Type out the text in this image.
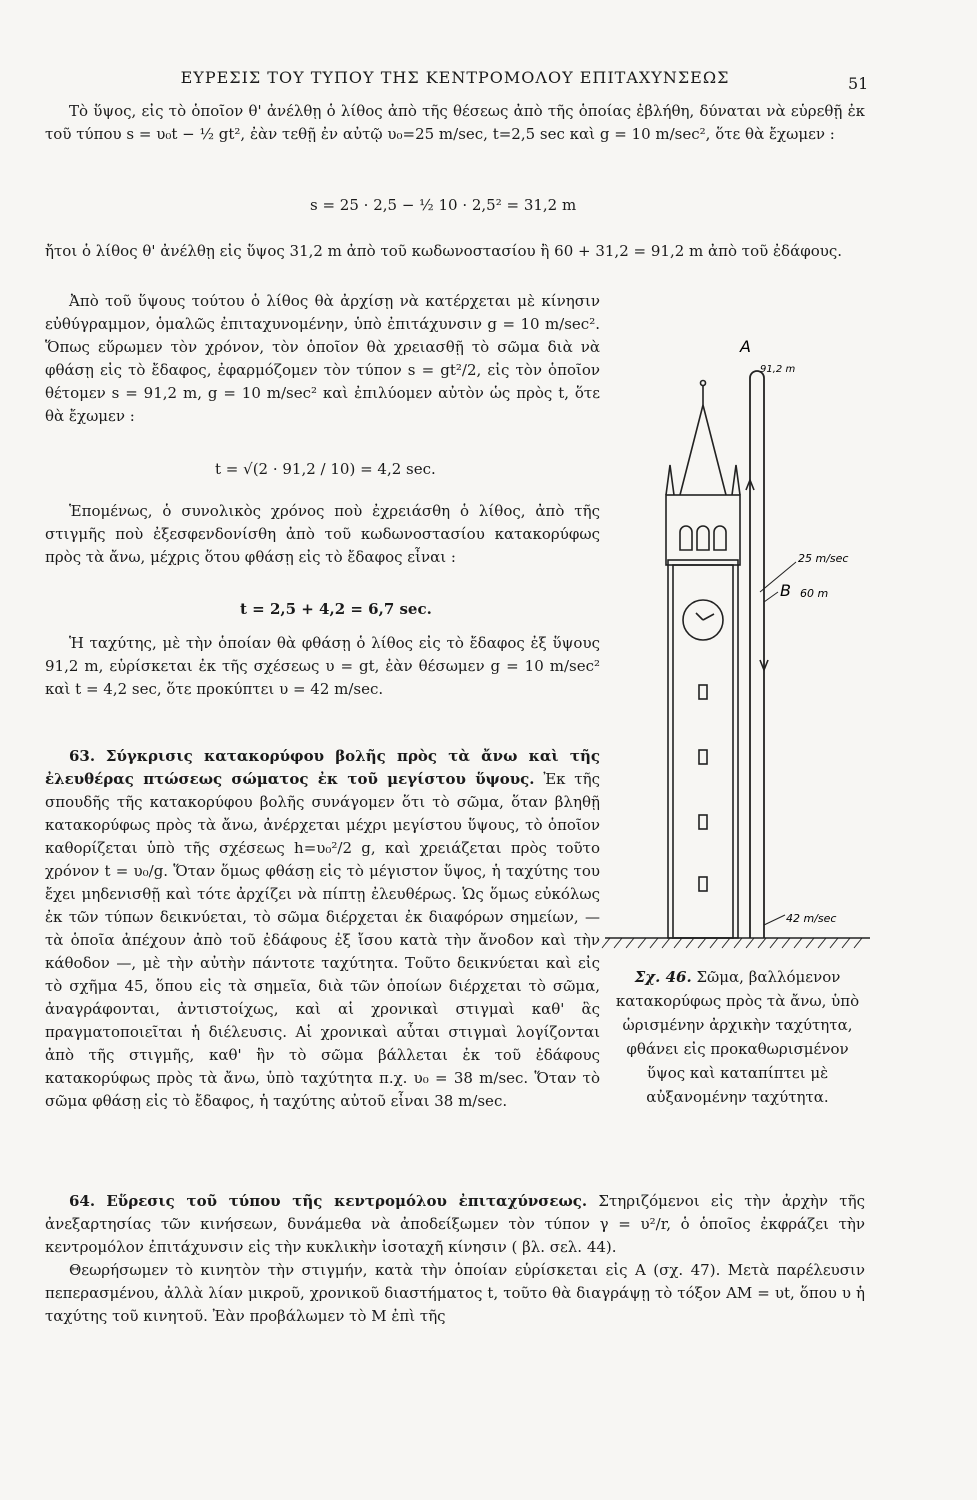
ΕΥΡΕΣΙΣ ΤΟΥ ΤΥΠΟΥ ΤΗΣ ΚΕΝΤΡΟΜΟΛΟΥ ΕΠΙΤΑΧΥΝΣΕΩΣ	51

Τὸ ὕψος, εἰς τὸ ὁποῖον θ' ἀνέλθῃ ὁ λίθος ἀπὸ τῆς θέσεως ἀπὸ τῆς ὁποίας ἐβλήθη, δύναται νὰ εὑρεθῇ ἐκ τοῦ τύπου s = υ₀t − ½ gt², ἐὰν τεθῇ ἐν αὐτῷ υ₀=25 m/sec, t=2,5 sec καὶ g = 10 m/sec², ὅτε θὰ ἔχωμεν :

s = 25 · 2,5 − ½ 10 · 2,5² = 31,2 m

ἤτοι ὁ λίθος θ' ἀνέλθῃ εἰς ὕψος 31,2 m ἀπὸ τοῦ κωδωνοστασίου ἢ 60 + 31,2 = 91,2 m ἀπὸ τοῦ ἐδάφους.

Ἀπὸ τοῦ ὕψους τούτου ὁ λίθος θὰ ἀρχίσῃ νὰ κατέρχεται μὲ κίνησιν εὐθύγραμμον, ὁμαλῶς ἐπιταχυνομένην, ὑπὸ ἐπιτάχυνσιν g = 10 m/sec². Ὅπως εὕρωμεν τὸν χρόνον, τὸν ὁποῖον θὰ χρειασθῇ τὸ σῶμα διὰ νὰ φθάσῃ εἰς τὸ ἔδαφος, ἐφαρμόζομεν τὸν τύπον s = gt²/2, εἰς τὸν ὁποῖον θέτομεν s = 91,2 m, g = 10 m/sec² καὶ ἐπιλύομεν αὐτὸν ὡς πρὸς t, ὅτε θὰ ἔχωμεν :

t = √(2 · 91,2 / 10) = 4,2 sec.

Ἑπομένως, ὁ συνολικὸς χρόνος ποὺ ἐχρειάσθη ὁ λίθος, ἀπὸ τῆς στιγμῆς ποὺ ἐξεσφενδονίσθη ἀπὸ τοῦ κωδωνοστασίου κατακορύφως πρὸς τὰ ἄνω, μέχρις ὅτου φθάσῃ εἰς τὸ ἔδαφος εἶναι :

t = 2,5 + 4,2 = 6,7 sec.

Ἡ ταχύτης, μὲ τὴν ὁποίαν θὰ φθάσῃ ὁ λίθος εἰς τὸ ἔδαφος ἐξ ὕψους 91,2 m, εὑρίσκεται ἐκ τῆς σχέσεως υ = gt, ἐὰν θέσωμεν g = 10 m/sec² καὶ t = 4,2 sec, ὅτε προκύπτει υ = 42 m/sec.

63. Σύγκρισις κατακορύφου βολῆς πρὸς τὰ ἄνω καὶ τῆς ἐλευθέρας πτώσεως σώματος ἐκ τοῦ μεγίστου ὕψους. Ἐκ τῆς σπουδῆς τῆς κατακορύφου βολῆς συνάγομεν ὅτι τὸ σῶμα, ὅταν βληθῇ κατακορύφως πρὸς τὰ ἄνω, ἀνέρχεται μέχρι μεγίστου ὕψους, τὸ ὁποῖον καθορίζεται ὑπὸ τῆς σχέσεως h=υ₀²/2 g, καὶ χρειάζεται πρὸς τοῦτο χρόνον t = υ₀/g. Ὅταν ὅμως φθάσῃ εἰς τὸ μέγιστον ὕψος, ἡ ταχύτης του ἔχει μηδενισθῇ καὶ τότε ἀρχίζει νὰ πίπτῃ ἐλευθέρως. Ὡς ὅμως εὐκόλως ἐκ τῶν τύπων δεικνύεται, τὸ σῶμα διέρχεται ἐκ διαφόρων σημείων, — τὰ ὁποῖα ἀπέχουν ἀπὸ τοῦ ἐδάφους ἐξ ἴσου κατὰ τὴν ἄνοδον καὶ τὴν κάθοδον —, μὲ τὴν αὐτὴν πάντοτε ταχύτητα. Τοῦτο δεικνύεται καὶ εἰς τὸ σχῆμα 45, ὅπου εἰς τὰ σημεῖα, διὰ τῶν ὁποίων διέρχεται τὸ σῶμα, ἀναγράφονται, ἀντιστοίχως, καὶ αἱ χρονικαὶ στιγμαὶ καθ' ἃς πραγματοποιεῖται ἡ διέλευσις. Αἱ χρονικαὶ αὗται στιγμαὶ λογίζονται ἀπὸ τῆς στιγμῆς, καθ' ἣν τὸ σῶμα βάλλεται ἐκ τοῦ ἐδάφους κατακορύφως πρὸς τὰ ἄνω, ὑπὸ ταχύτητα π.χ. υ₀ = 38 m/sec. Ὅταν τὸ σῶμα φθάσῃ εἰς τὸ ἔδαφος, ἡ ταχύτης αὐτοῦ εἶναι 38 m/sec.

A
91,2 m
25 m/sec
B 60 m
42 m/sec
Σχ. 46. Σῶμα, βαλλόμενον κατακορύφως πρὸς τὰ ἄνω, ὑπὸ ὡρισμένην ἀρχικὴν ταχύτητα, φθάνει εἰς προκαθωρισμένον ὕψος καὶ καταπίπτει μὲ αὐξανομένην ταχύτητα.

64. Εὕρεσις τοῦ τύπου τῆς κεντρομόλου ἐπιταχύνσεως. Στηριζόμενοι εἰς τὴν ἀρχὴν τῆς ἀνεξαρτησίας τῶν κινήσεων, δυνάμεθα νὰ ἀποδείξωμεν τὸν τύπον γ = υ²/r, ὁ ὁποῖος ἐκφράζει τὴν κεντρομόλον ἐπιτάχυνσιν εἰς τὴν κυκλικὴν ἰσοταχῆ κίνησιν ( βλ. σελ. 44).

Θεωρήσωμεν τὸ κινητὸν τὴν στιγμήν, κατὰ τὴν ὁποίαν εὑρίσκεται εἰς Α (σχ. 47). Μετὰ παρέλευσιν πεπερασμένου, ἀλλὰ λίαν μικροῦ, χρονικοῦ διαστήματος t, τοῦτο θὰ διαγράψῃ τὸ τόξον ΑΜ = υt, ὅπου υ ἡ ταχύτης τοῦ κινητοῦ. Ἐὰν προβάλωμεν τὸ Μ ἐπὶ τῆς
